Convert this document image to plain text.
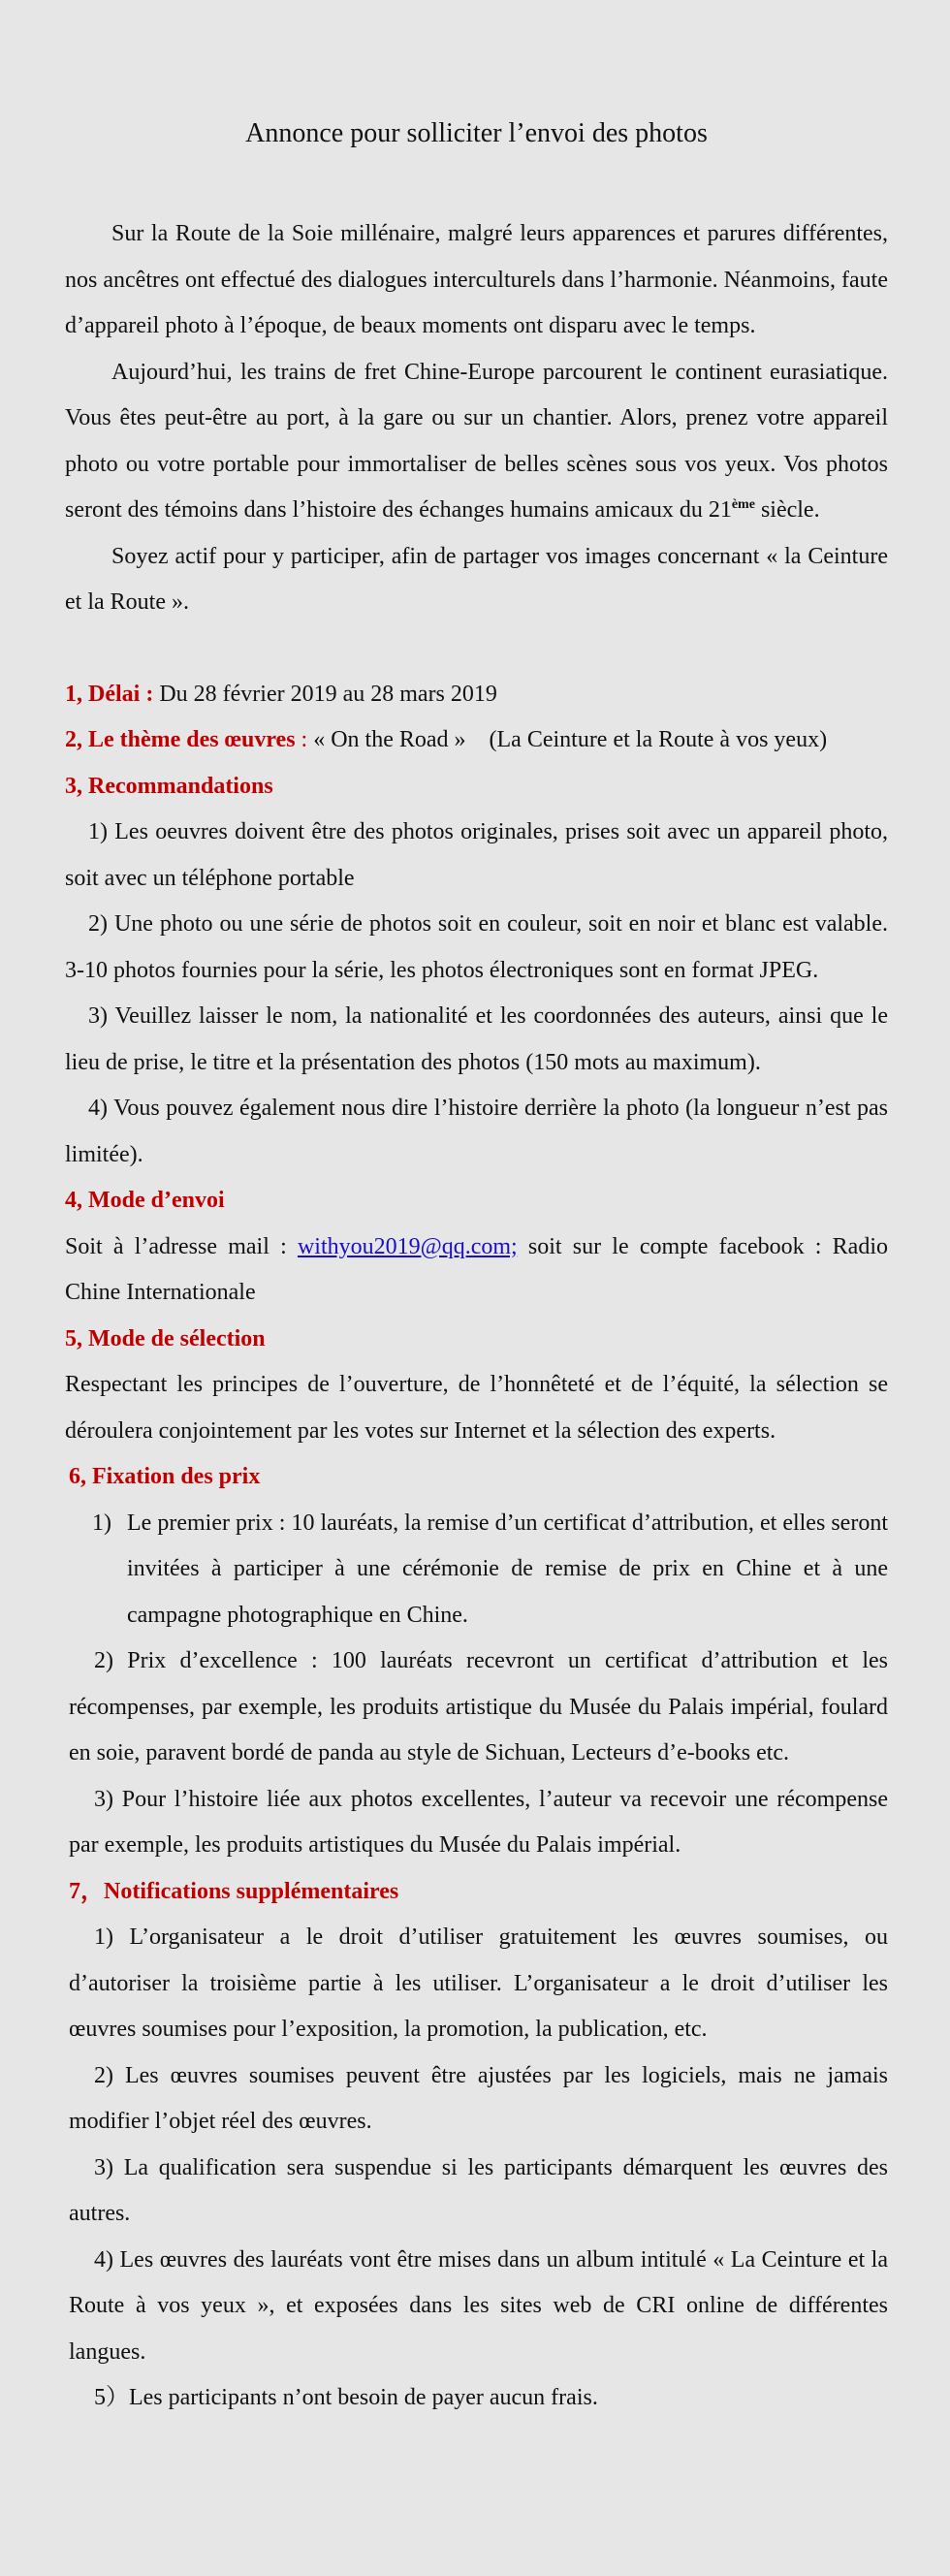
Annonce pour solliciter l’envoi des photos

Sur la Route de la Soie millénaire, malgré leurs apparences et parures différentes, nos ancêtres ont effectué des dialogues interculturels dans l’harmonie. Néanmoins, faute d’appareil photo à l’époque, de beaux moments ont disparu avec le temps.

Aujourd’hui, les trains de fret Chine-Europe parcourent le continent eurasiatique. Vous êtes peut-être au port, à la gare ou sur un chantier. Alors, prenez votre appareil photo ou votre portable pour immortaliser de belles scènes sous vos yeux. Vos photos seront des témoins dans l’histoire des échanges humains amicaux du 21ème siècle.

Soyez actif pour y participer, afin de partager vos images concernant « la Ceinture et la Route ».

1, Délai : Du 28 février 2019 au 28 mars 2019

2, Le thème des œuvres : « On the Road »    (La Ceinture et la Route à vos yeux)

3, Recommandations

1) Les oeuvres doivent être des photos originales, prises soit avec un appareil photo, soit avec un téléphone portable

2) Une photo ou une série de photos soit en couleur, soit en noir et blanc est valable. 3-10 photos fournies pour la série, les photos électroniques sont en format JPEG.

3) Veuillez laisser le nom, la nationalité et les coordonnées des auteurs, ainsi que le lieu de prise, le titre et la présentation des photos (150 mots au maximum).

4) Vous pouvez également nous dire l’histoire derrière la photo (la longueur n’est pas limitée).

4, Mode d’envoi

Soit à l’adresse mail : withyou2019@qq.com; soit sur le compte facebook : Radio Chine Internationale

5, Mode de sélection

Respectant les principes de l’ouverture, de l’honnêteté et de l’équité, la sélection se déroulera conjointement par les votes sur Internet et la sélection des experts.

6, Fixation des prix

1) Le premier prix : 10 lauréats, la remise d’un certificat d’attribution, et elles seront invitées à participer à une cérémonie de remise de prix en Chine et à une campagne photographique en Chine.

2) Prix d’excellence : 100 lauréats recevront un certificat d’attribution et les récompenses, par exemple, les produits artistique du Musée du Palais impérial, foulard en soie, paravent bordé de panda au style de Sichuan, Lecteurs d’e-books etc.

3) Pour l’histoire liée aux photos excellentes, l’auteur va recevoir une récompense par exemple, les produits artistiques du Musée du Palais impérial.

7，Notifications supplémentaires

1) L’organisateur a le droit d’utiliser gratuitement les œuvres soumises, ou d’autoriser la troisième partie à les utiliser. L’organisateur a le droit d’utiliser les œuvres soumises pour l’exposition, la promotion, la publication, etc.

2) Les œuvres soumises peuvent être ajustées par les logiciels, mais ne jamais modifier l’objet réel des œuvres.

3) La qualification sera suspendue si les participants démarquent les œuvres des autres.

4) Les œuvres des lauréats vont être mises dans un album intitulé « La Ceinture et la Route à vos yeux », et exposées dans les sites web de CRI online de différentes langues.

5）Les participants n’ont besoin de payer aucun frais.
